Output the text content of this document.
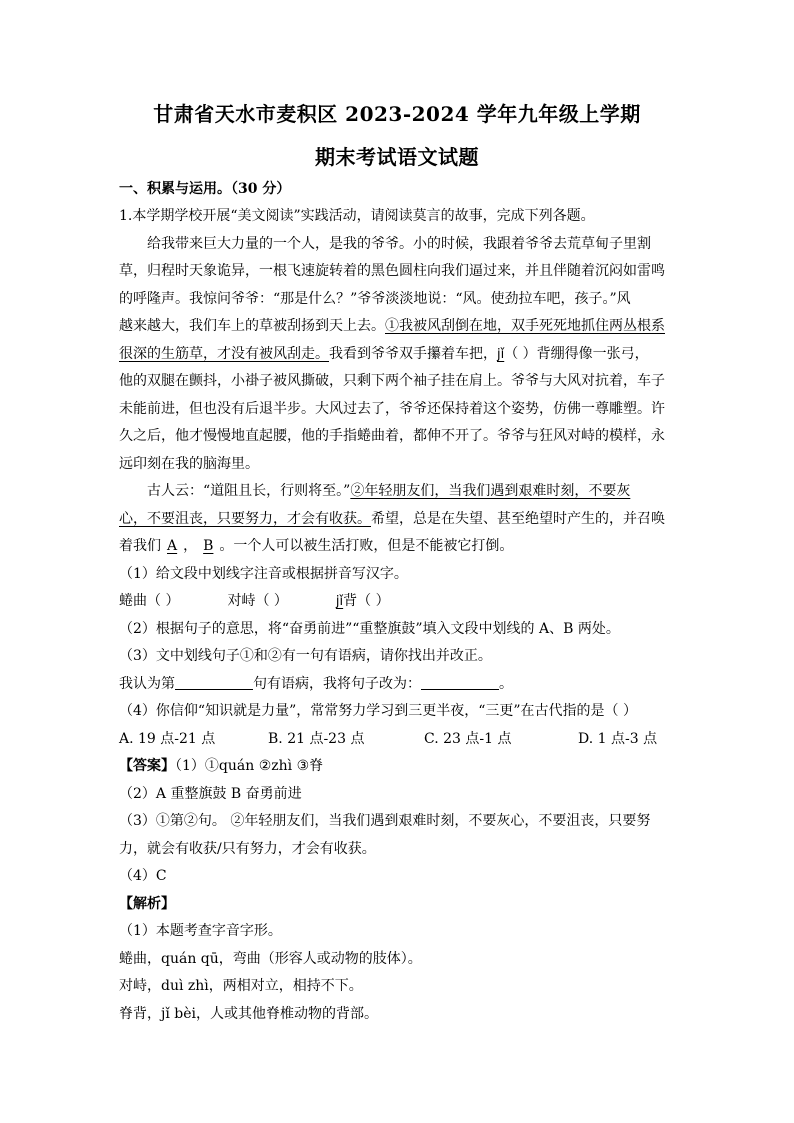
甘肃省天水市麦积区 2023-2024 学年九年级上学期
期末考试语文试题
一、积累与运用。（30 分）
1.本学期学校开展“美文阅读”实践活动，请阅读莫言的故事，完成下列各题。
给我带来巨大力量的一个人，是我的爷爷。小的时候，我跟着爷爷去荒草甸子里割
草，归程时天象诡异，一根飞速旋转着的黑色圆柱向我们逼过来，并且伴随着沉闷如雷鸣
的呼隆声。我惊问爷爷：“那是什么？”爷爷淡淡地说：“风。使劲拉车吧，孩子。”风
越来越大，我们车上的草被刮扬到天上去。①我被风刮倒在地，双手死死地抓住两丛根系
很深的生筋草，才没有被风刮走。我看到爷爷双手攥着车把，jǐ（ ）背绷得像一张弓，
他的双腿在颤抖，小褂子被风撕破，只剩下两个袖子挂在肩上。爷爷与大风对抗着，车子
未能前进，但也没有后退半步。大风过去了，爷爷还保持着这个姿势，仿佛一尊雕塑。许
久之后，他才慢慢地直起腰，他的手指蜷曲着，都伸不开了。爷爷与狂风对峙的模样，永
远印刻在我的脑海里。
古人云：“道阻且长，行则将至。”②年轻朋友们，当我们遇到艰难时刻，不要灰
心，不要沮丧，只要努力，才会有收获。希望，总是在失望、甚至绝望时产生的，并召唤
着我们 A ， B 。一个人可以被生活打败，但是不能被它打倒。
（1）给文段中划线字注音或根据拼音写汉字。
蜷曲（ ）	对峙（ ）	jǐ背（ ）
（2）根据句子的意思，将“奋勇前进”“重整旗鼓”填入文段中划线的 A、B 两处。
（3）文中划线句子①和②有一句有语病，请你找出并改正。
我认为第	句有语病，我将句子改为：	。
（4）你信仰“知识就是力量”，常常努力学习到三更半夜，“三更”在古代指的是（ ）
A. 19 点-21 点	B. 21 点-23 点	C. 23 点-1 点	D. 1 点-3 点
【答案】（1）①quán ②zhì ③脊
（2）A 重整旗鼓 B 奋勇前进
（3）①第②句。 ②年轻朋友们，当我们遇到艰难时刻，不要灰心，不要沮丧，只要努
力，就会有收获/只有努力，才会有收获。
（4）C
【解析】
（1）本题考查字音字形。
蜷曲，quán qū，弯曲（形容人或动物的肢体）。
对峙，duì zhì，两相对立，相持不下。
脊背，jǐ bèi，人或其他脊椎动物的背部。
